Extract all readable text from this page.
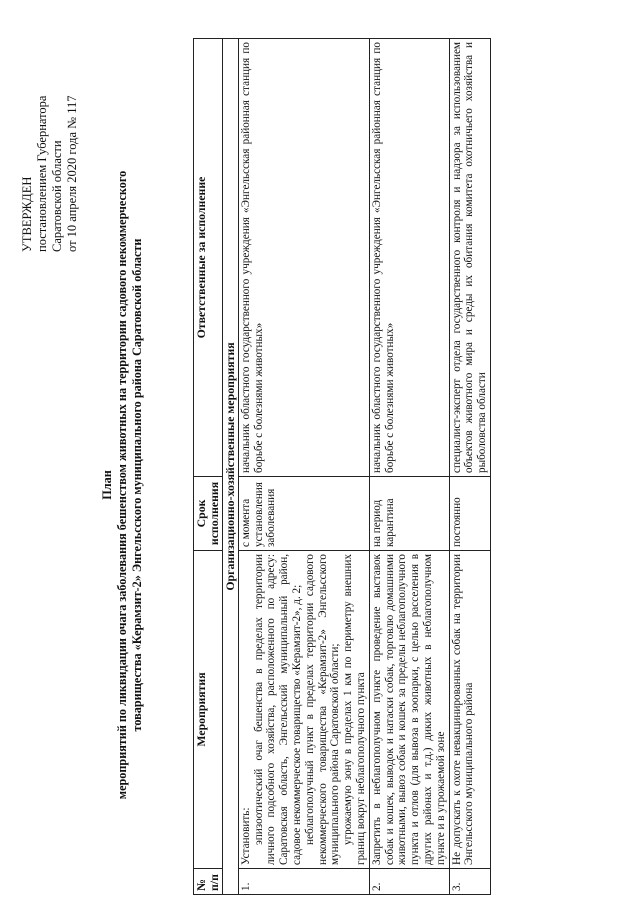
УТВЕРЖДЕН постановлением Губернатора Саратовской области от 10 апреля 2020 года № 117
План мероприятий по ликвидации очага заболевания бешенством животных на территории садового некоммерческого товарищества «Керамзит-2» Энгельсского муниципального района Саратовской области
№ п/п	Мероприятия	Срок исполнения	Ответственные за исполнение
Организационно-хозяйственные мероприятия			
1.	Установить: эпизоотический очаг бешенства в пределах территории личного подсобного хозяйства, расположенного по адресу: Саратовская область, Энгельсский муниципальный район, садовое некоммерческое товарищество «Керамзит-2», д. 2; неблагополучный пункт в пределах территории садового некоммерческого товарищества «Керамзит-2» Энгельсского муниципального района Саратовской области; угрожаемую зону в пределах 1 км по периметру внешних границ вокруг неблагополучного пункта	с момента установления заболевания	начальник областного государственного учреждения «Энгельсская районная станция по борьбе с болезнями животных»
2.	Запретить в неблагополучном пункте проведение выставок собак и кошек, выводок и натаски собак, торговлю домашними животными, вывоз собак и кошек за пределы неблагополучного пункта и отлов (для вывоза в зоопарки, с целью расселения в других районах и т.д.) диких животных в неблагополучном пункте и в угрожаемой зоне	на период карантина	начальник областного государственного учреждения «Энгельсская районная станция по борьбе с болезнями животных»
3.	Не допускать к охоте невакцинированных собак на территории Энгельсского муниципального района	постоянно	специалист-эксперт отдела государственного контроля и надзора за использованием объектов животного мира и среды их обитания комитета охотничьего хозяйства и рыболовства области
